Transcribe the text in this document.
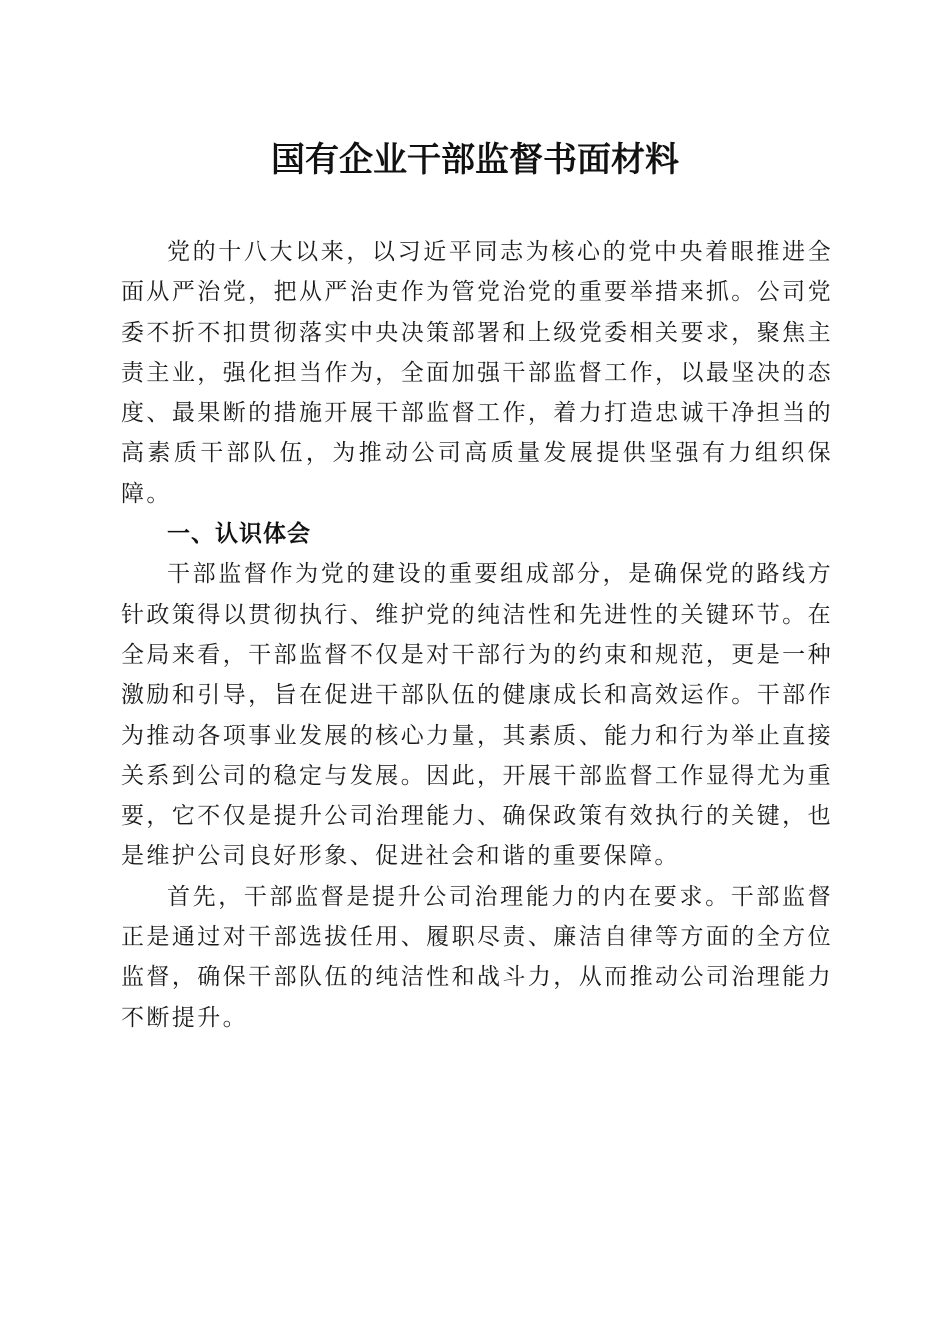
国有企业干部监督书面材料

党的十八大以来，以习近平同志为核心的党中央着眼推进全面从严治党，把从严治吏作为管党治党的重要举措来抓。公司党委不折不扣贯彻落实中央决策部署和上级党委相关要求，聚焦主责主业，强化担当作为，全面加强干部监督工作，以最坚决的态度、最果断的措施开展干部监督工作，着力打造忠诚干净担当的高素质干部队伍，为推动公司高质量发展提供坚强有力组织保障。

一、认识体会

干部监督作为党的建设的重要组成部分，是确保党的路线方针政策得以贯彻执行、维护党的纯洁性和先进性的关键环节。在全局来看，干部监督不仅是对干部行为的约束和规范，更是一种激励和引导，旨在促进干部队伍的健康成长和高效运作。干部作为推动各项事业发展的核心力量，其素质、能力和行为举止直接关系到公司的稳定与发展。因此，开展干部监督工作显得尤为重要，它不仅是提升公司治理能力、确保政策有效执行的关键，也是维护公司良好形象、促进社会和谐的重要保障。

首先，干部监督是提升公司治理能力的内在要求。干部监督正是通过对干部选拔任用、履职尽责、廉洁自律等方面的全方位监督，确保干部队伍的纯洁性和战斗力，从而推动公司治理能力不断提升。
